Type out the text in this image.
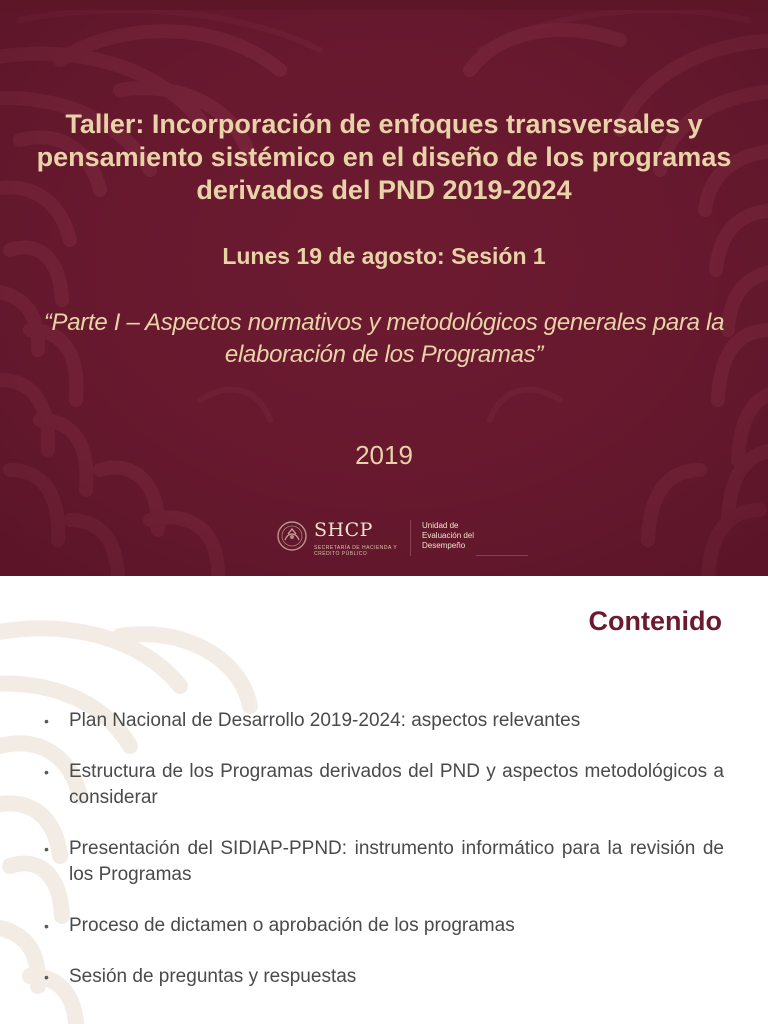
Taller: Incorporación de enfoques transversales y pensamiento sistémico en el diseño de los programas derivados del PND 2019-2024
Lunes 19 de agosto: Sesión 1
“Parte I – Aspectos normativos y metodológicos generales para la elaboración de los Programas”
2019
SHCP
SECRETARÍA DE HACIENDA Y CRÉDITO PÚBLICO
Unidad de
Evaluación del
Desempeño
Contenido
• Plan Nacional de Desarrollo 2019-2024: aspectos relevantes
• Estructura de los Programas derivados del PND y aspectos metodológicos a considerar
• Presentación del SIDIAP-PPND: instrumento informático para la revisión de los Programas
• Proceso de dictamen o aprobación de los programas
• Sesión de preguntas y respuestas
